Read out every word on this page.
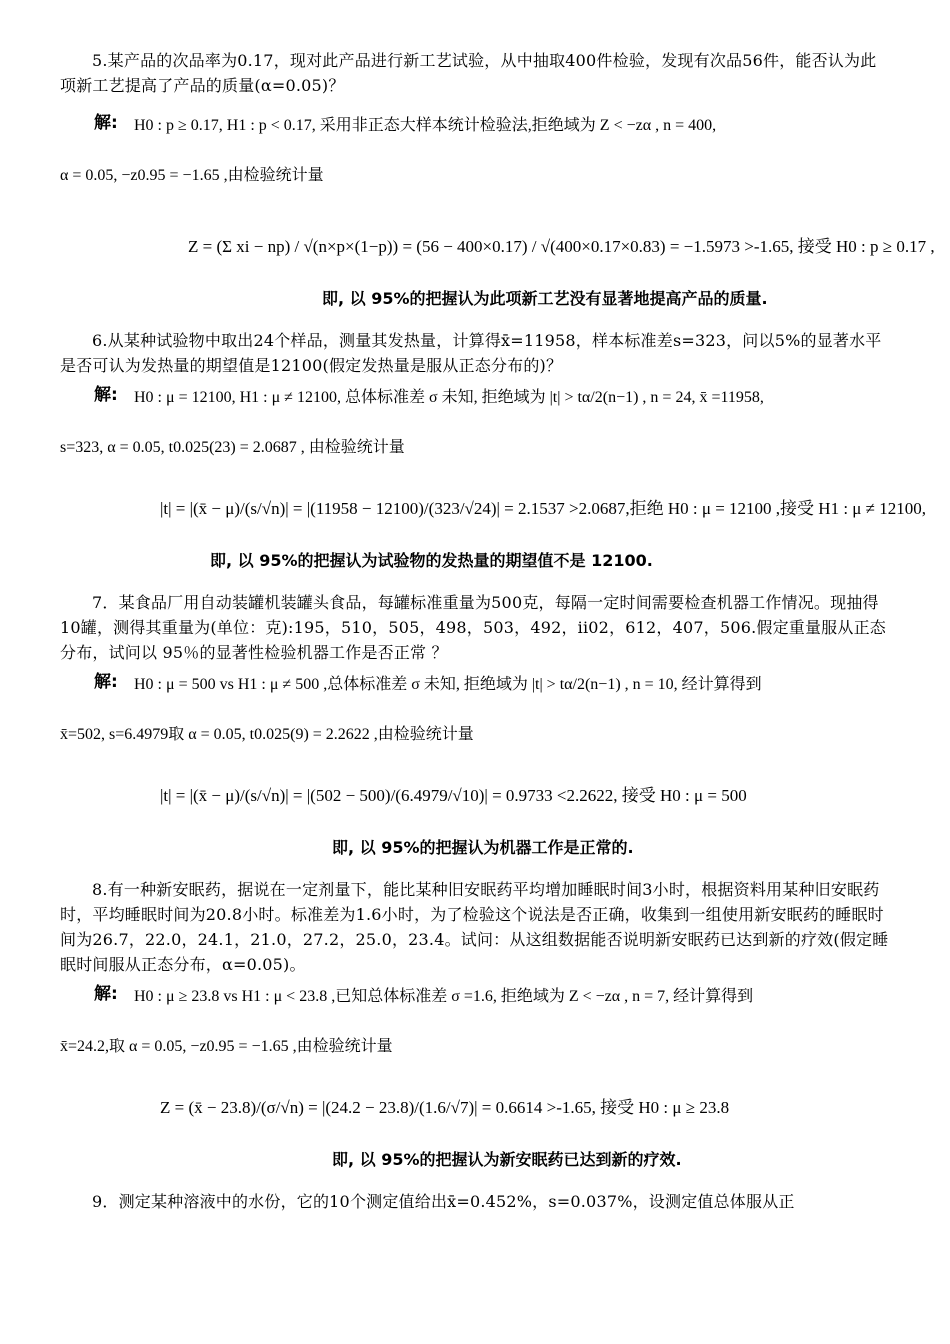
5.某产品的次品率为0.17，现对此产品进行新工艺试验，从中抽取400件检验，发现有次品56件，能否认为此项新工艺提高了产品的质量(α=0.05)？

解: H0 : p ≥ 0.17, H1 : p < 0.17, 采用非正态大样本统计检验法,拒绝域为 Z < −zα , n = 400,
α = 0.05, −z0.95 = −1.65 ,由检验统计量
Z = (Σ xi − np) / √(n×p×(1−p)) = (56 − 400×0.17) / √(400×0.17×0.83) = −1.5973 >-1.65, 接受 H0 : p ≥ 0.17 ,

即, 以 95%的把握认为此项新工艺没有显著地提高产品的质量.

6.从某种试验物中取出24个样品，测量其发热量，计算得x̄=11958，样本标准差s=323，问以5%的显著水平是否可认为发热量的期望值是12100(假定发热量是服从正态分布的)？

解: H0 : μ = 12100, H1 : μ ≠ 12100, 总体标准差 σ 未知, 拒绝域为 |t| > tα/2(n−1) , n = 24, x̄ =11958,
s=323, α = 0.05, t0.025(23) = 2.0687 , 由检验统计量
|t| = |(x̄ − μ)/(s/√n)| = |(11958 − 12100)/(323/√24)| = 2.1537 >2.0687,拒绝 H0 : μ = 12100 ,接受 H1 : μ ≠ 12100,

即, 以 95%的把握认为试验物的发热量的期望值不是 12100.

7．某食品厂用自动装罐机装罐头食品，每罐标准重量为500克，每隔一定时间需要检查机器工作情况。现抽得10罐，测得其重量为(单位：克):195，510，505，498，503，492，ii02，612，407，506.假定重量服从正态分布，试问以 95％的显著性检验机器工作是否正常 ？

解: H0 : μ = 500 vs H1 : μ ≠ 500 ,总体标准差 σ 未知, 拒绝域为 |t| > tα/2(n−1) , n = 10, 经计算得到
x̄=502, s=6.4979取 α = 0.05, t0.025(9) = 2.2622 ,由检验统计量
|t| = |(x̄ − μ)/(s/√n)| = |(502 − 500)/(6.4979/√10)| = 0.9733 <2.2622, 接受 H0 : μ = 500

即, 以 95%的把握认为机器工作是正常的.

8.有一种新安眠药，据说在一定剂量下，能比某种旧安眠药平均增加睡眠时间3小时，根据资料用某种旧安眠药时，平均睡眠时间为20.8小时。标准差为1.6小时，为了检验这个说法是否正确，收集到一组使用新安眠药的睡眠时间为26.7，22.0，24.1，21.0，27.2，25.0，23.4。试问：从这组数据能否说明新安眠药已达到新的疗效(假定睡眠时间服从正态分布，α=0.05)。

解: H0 : μ ≥ 23.8 vs H1 : μ < 23.8 ,已知总体标准差 σ =1.6, 拒绝域为 Z < −zα , n = 7, 经计算得到
x̄=24.2,取 α = 0.05, −z0.95 = −1.65 ,由检验统计量
Z = (x̄ − 23.8)/(σ/√n) = |(24.2 − 23.8)/(1.6/√7)| = 0.6614 >-1.65, 接受 H0 : μ ≥ 23.8

即, 以 95%的把握认为新安眠药已达到新的疗效.

9．测定某种溶液中的水份，它的10个测定值给出x̄=0.452%，s=0.037%，设测定值总体服从正
